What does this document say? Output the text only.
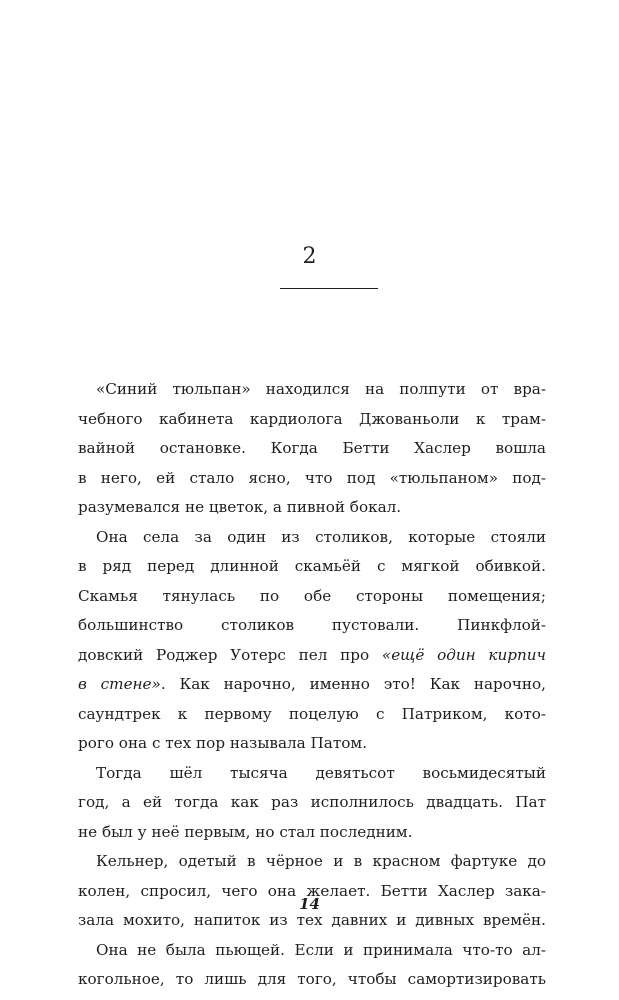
2
«Синий тюльпан» находился на полпути от вра-
чебного кабинета кардиолога Джованьоли к трам-
вайной остановке. Когда Бетти Хаслер вошла
в него, ей стало ясно, что под «тюльпаном» под-
разумевался не цветок, а пивной бокал.
Она села за один из столиков, которые стояли
в ряд перед длинной скамьёй с мягкой обивкой.
Скамья тянулась по обе стороны помещения;
большинство столиков пустовали. Пинкфлой-
довский Роджер Уотерс пел про «ещё один кирпич
в стене». Как нарочно, именно это! Как нарочно,
саундтрек к первому поцелую с Патриком, кото-
рого она с тех пор называла Патом.
Тогда шёл тысяча девятьсот восьмидесятый
год, а ей тогда как раз исполнилось двадцать. Пат
не был у неё первым, но стал последним.
Кельнер, одетый в чёрное и в красном фартуке до
колен, спросил, чего она желает. Бетти Хаслер зака-
зала мохито, напиток из тех давних и дивных времён.
Она не была пьющей. Если и принимала что-то ал-
когольное, то лишь для того, чтобы самортизировать
14
